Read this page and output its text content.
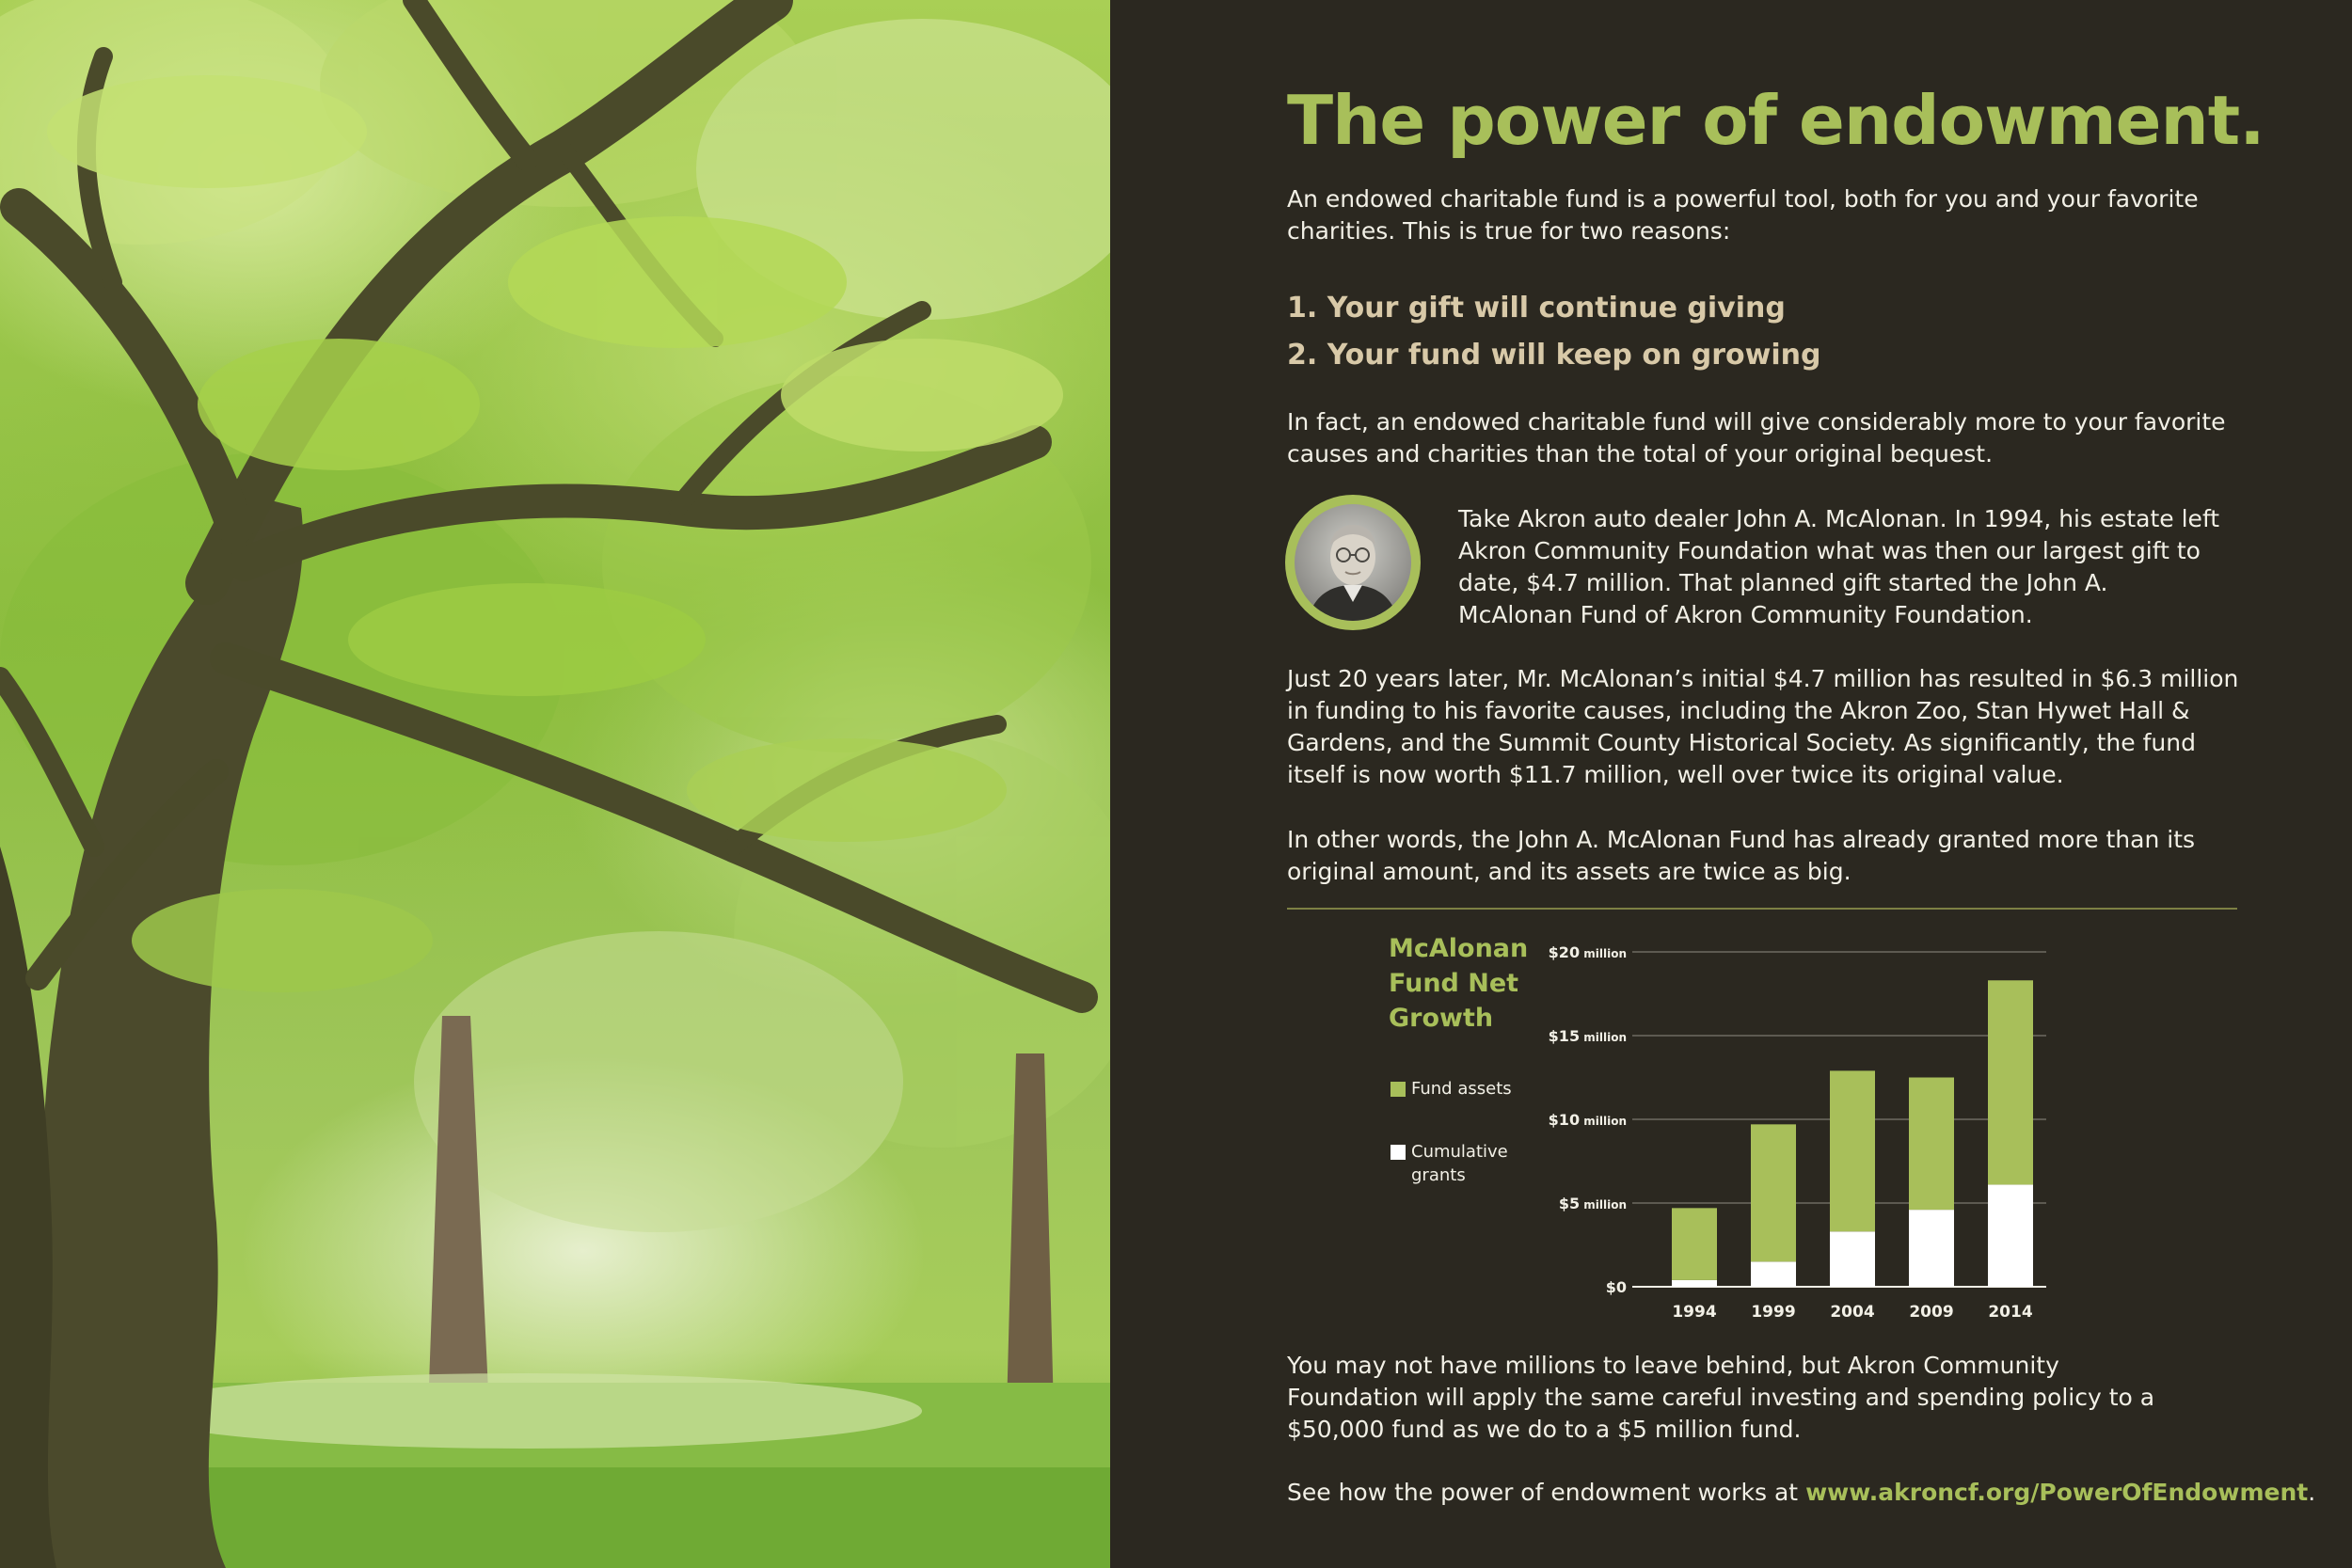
The power of endowment.
An endowed charitable fund is a powerful tool, both for you and your favorite charities. This is true for two reasons:
1. Your gift will continue giving
2. Your fund will keep on growing
In fact, an endowed charitable fund will give considerably more to your favorite causes and charities than the total of your original bequest.
Take Akron auto dealer John A. McAlonan. In 1994, his estate left Akron Community Foundation what was then our largest gift to date, $4.7 million. That planned gift started the John A. McAlonan Fund of Akron Community Foundation.
Just 20 years later, Mr. McAlonan’s initial $4.7 million has resulted in $6.3 million in funding to his favorite causes, including the Akron Zoo, Stan Hywet Hall & Gardens, and the Summit County Historical Society. As significantly, the fund itself is now worth $11.7 million, well over twice its original value.
In other words, the John A. McAlonan Fund has already granted more than its original amount, and its assets are twice as big.
McAlonan Fund Net Growth
Fund assets
Cumulative grants
$0
$5 million
$10 million
$15 million
$20 million
1994 1999 2004 2009 2014
You may not have millions to leave behind, but Akron Community Foundation will apply the same careful investing and spending policy to a $50,000 fund as we do to a $5 million fund.
See how the power of endowment works at www.akroncf.org/PowerOfEndowment.
